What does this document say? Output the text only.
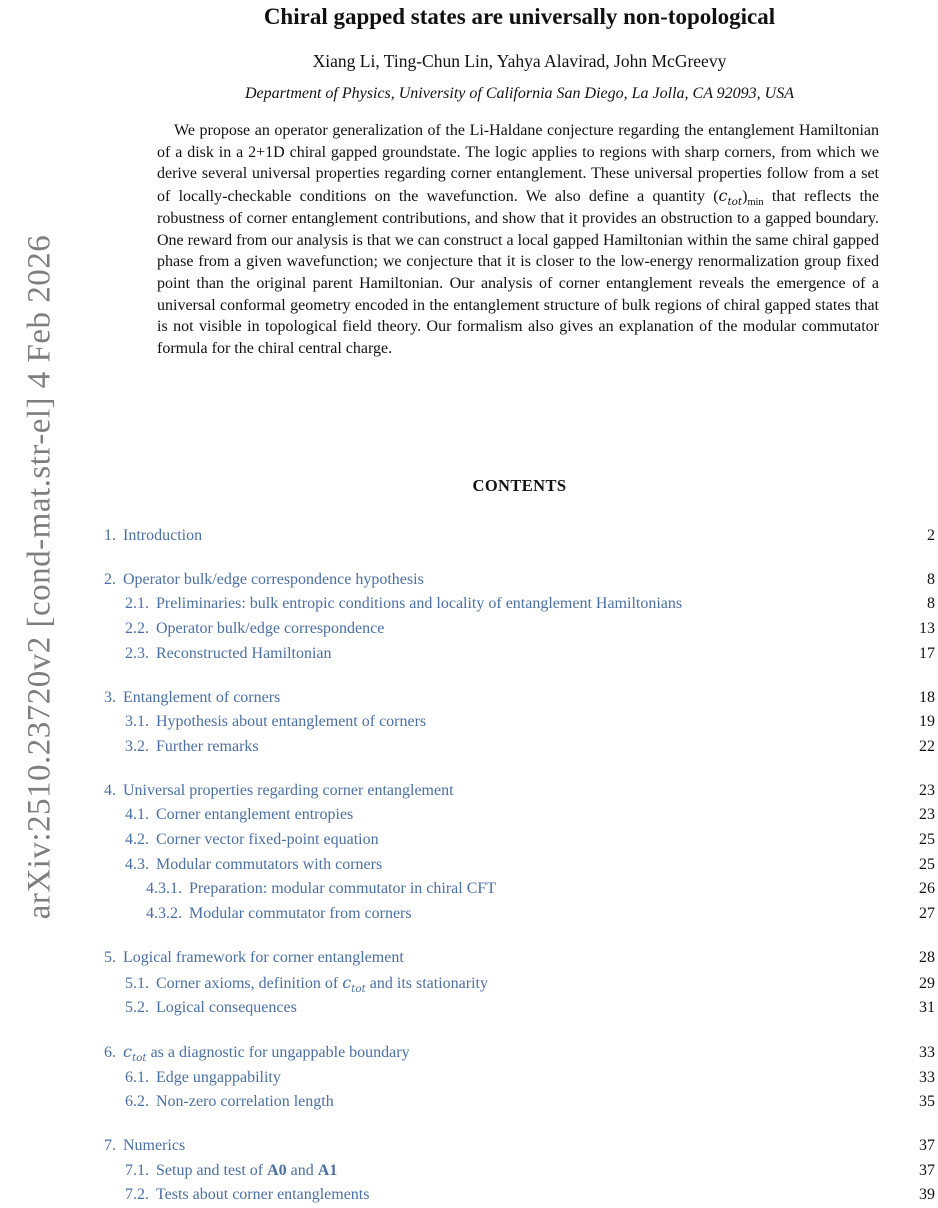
arXiv:2510.23720v2 [cond-mat.str-el] 4 Feb 2026
Chiral gapped states are universally non-topological
Xiang Li, Ting-Chun Lin, Yahya Alavirad, John McGreevy
Department of Physics, University of California San Diego, La Jolla, CA 92093, USA
We propose an operator generalization of the Li-Haldane conjecture regarding the entanglement Hamiltonian of a disk in a 2+1D chiral gapped groundstate. The logic applies to regions with sharp corners, from which we derive several universal properties regarding corner entanglement. These universal properties follow from a set of locally-checkable conditions on the wavefunction. We also define a quantity $(c_{tot})_{min}$ that reflects the robustness of corner entanglement contributions, and show that it provides an obstruction to a gapped boundary. One reward from our analysis is that we can construct a local gapped Hamiltonian within the same chiral gapped phase from a given wavefunction; we conjecture that it is closer to the low-energy renormalization group fixed point than the original parent Hamiltonian. Our analysis of corner entanglement reveals the emergence of a universal conformal geometry encoded in the entanglement structure of bulk regions of chiral gapped states that is not visible in topological field theory. Our formalism also gives an explanation of the modular commutator formula for the chiral central charge.
CONTENTS
1. Introduction	2
2. Operator bulk/edge correspondence hypothesis	8
2.1. Preliminaries: bulk entropic conditions and locality of entanglement Hamiltonians	8
2.2. Operator bulk/edge correspondence	13
2.3. Reconstructed Hamiltonian	17
3. Entanglement of corners	18
3.1. Hypothesis about entanglement of corners	19
3.2. Further remarks	22
4. Universal properties regarding corner entanglement	23
4.1. Corner entanglement entropies	23
4.2. Corner vector fixed-point equation	25
4.3. Modular commutators with corners	25
4.3.1. Preparation: modular commutator in chiral CFT	26
4.3.2. Modular commutator from corners	27
5. Logical framework for corner entanglement	28
5.1. Corner axioms, definition of $c_{tot}$ and its stationarity	29
5.2. Logical consequences	31
6. $c_{tot}$ as a diagnostic for ungappable boundary	33
6.1. Edge ungappability	33
6.2. Non-zero correlation length	35
7. Numerics	37
7.1. Setup and test of A0 and A1	37
7.2. Tests about corner entanglements	39
